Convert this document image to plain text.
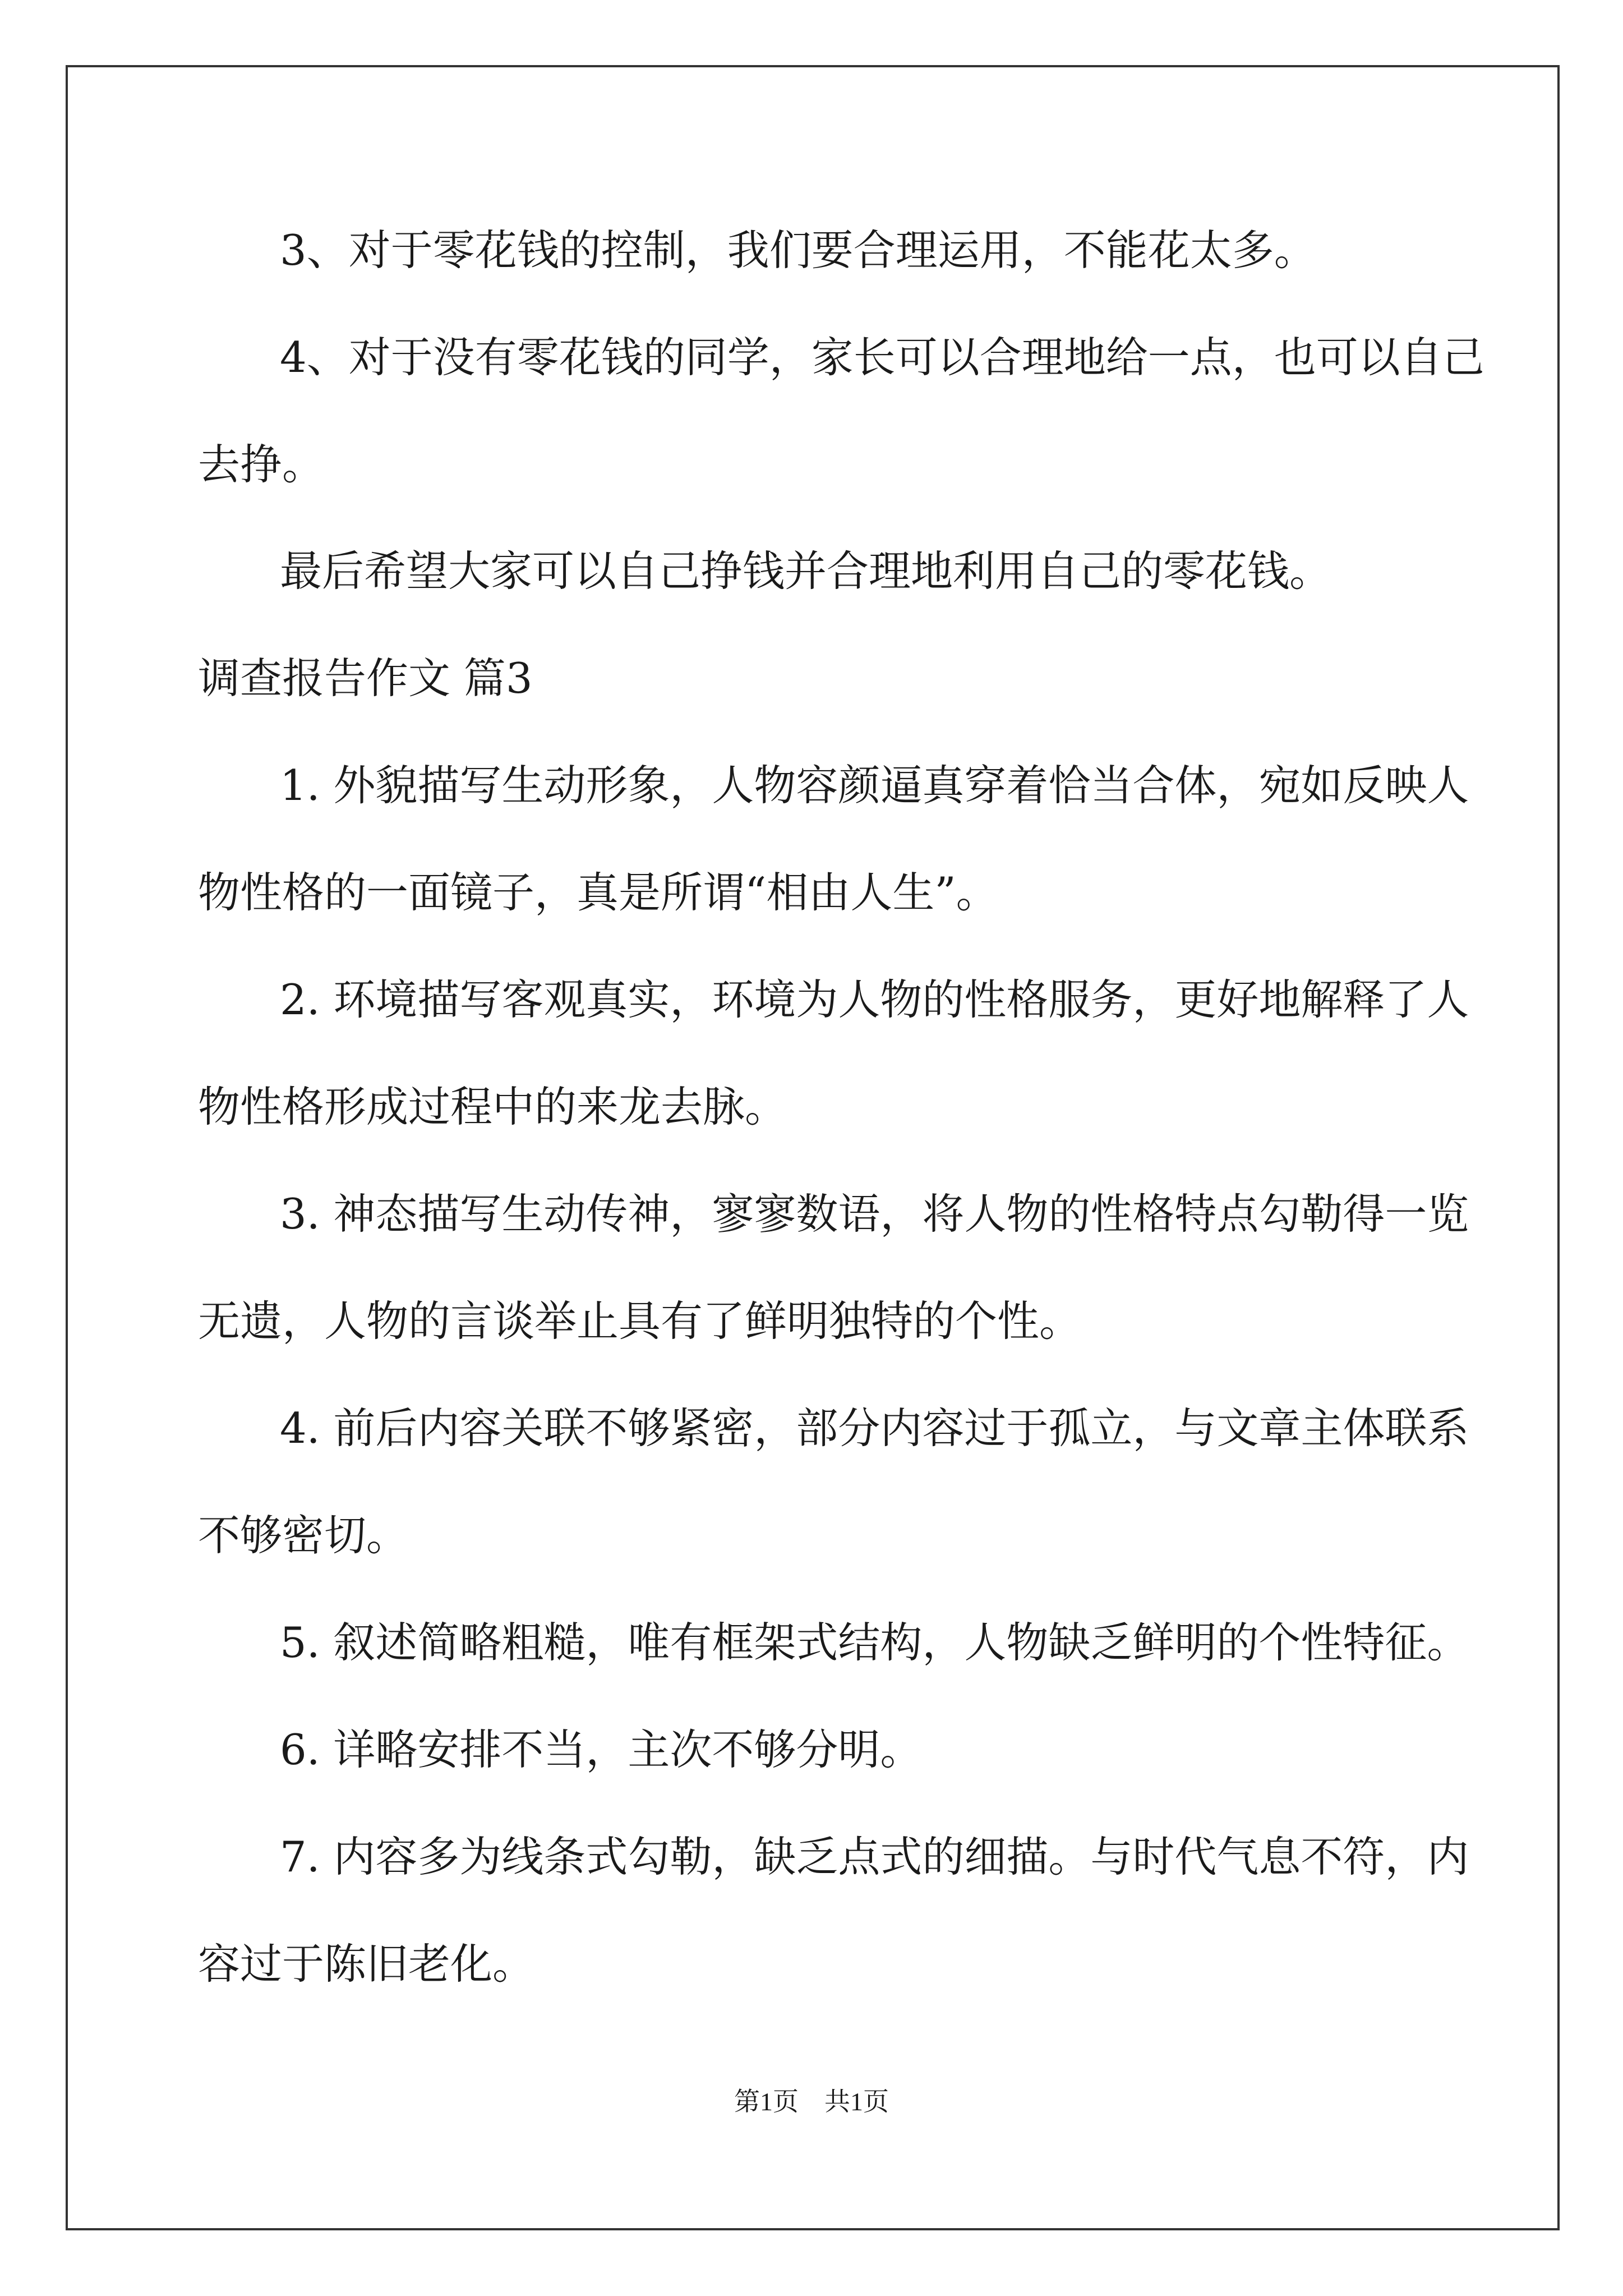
3、对于零花钱的控制，我们要合理运用，不能花太多。
4、对于没有零花钱的同学，家长可以合理地给一点，也可以自己
去挣。
最后希望大家可以自己挣钱并合理地利用自己的零花钱。
调查报告作文 篇3
1. 外貌描写生动形象，人物容颜逼真穿着恰当合体，宛如反映人
物性格的一面镜子，真是所谓“相由人生”。
2. 环境描写客观真实，环境为人物的性格服务，更好地解释了人
物性格形成过程中的来龙去脉。
3. 神态描写生动传神，寥寥数语，将人物的性格特点勾勒得一览
无遗，人物的言谈举止具有了鲜明独特的个性。
4. 前后内容关联不够紧密，部分内容过于孤立，与文章主体联系
不够密切。
5. 叙述简略粗糙，唯有框架式结构，人物缺乏鲜明的个性特征。
6. 详略安排不当，主次不够分明。
7. 内容多为线条式勾勒，缺乏点式的细描。与时代气息不符，内
容过于陈旧老化。
第1页　共1页
